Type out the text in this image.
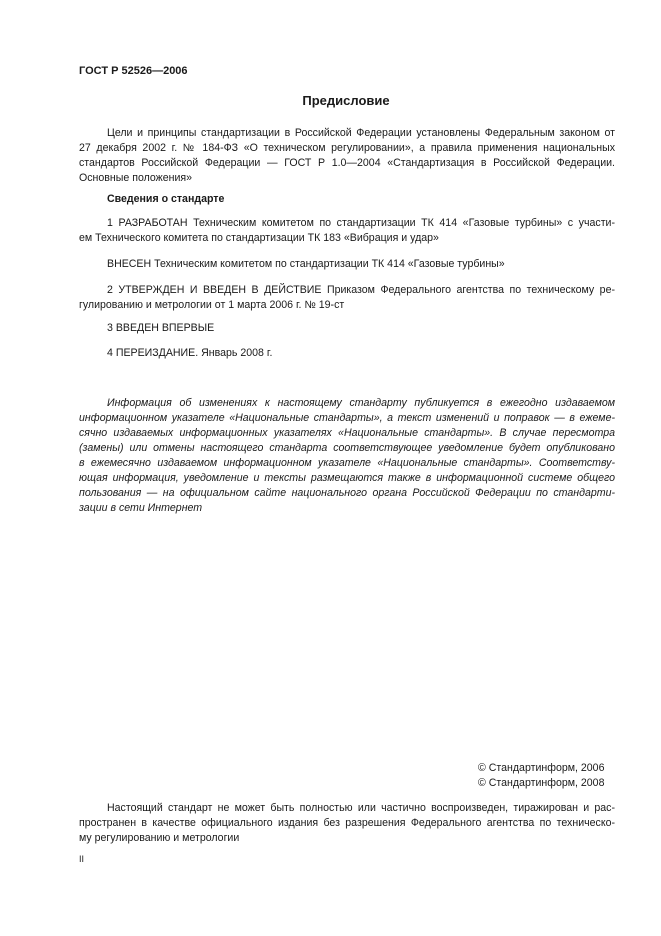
ГОСТ Р 52526—2006
Предисловие
Цели и принципы стандартизации в Российской Федерации установлены Федеральным законом от
27 декабря 2002 г. № 184-ФЗ «О техническом регулировании», а правила применения национальных
стандартов Российской Федерации — ГОСТ Р 1.0—2004 «Стандартизация в Российской Федерации.
Основные положения»
Сведения о стандарте
1 РАЗРАБОТАН Техническим комитетом по стандартизации ТК 414 «Газовые турбины» с участи-
ем Технического комитета по стандартизации ТК 183 «Вибрация и удар»
ВНЕСЕН Техническим комитетом по стандартизации ТК 414 «Газовые турбины»
2 УТВЕРЖДЕН И ВВЕДЕН В ДЕЙСТВИЕ Приказом Федерального агентства по техническому ре-
гулированию и метрологии от 1 марта 2006 г. № 19-ст
3 ВВЕДЕН ВПЕРВЫЕ
4 ПЕРЕИЗДАНИЕ. Январь 2008 г.
Информация об изменениях к настоящему стандарту публикуется в ежегодно издаваемом
информационном указателе «Национальные стандарты», а текст изменений и поправок — в ежеме-
сячно издаваемых информационных указателях «Национальные стандарты». В случае пересмотра
(замены) или отмены настоящего стандарта соответствующее уведомление будет опубликовано
в ежемесячно издаваемом информационном указателе «Национальные стандарты». Соответству-
ющая информация, уведомление и тексты размещаются также в информационной системе общего
пользования — на официальном сайте национального органа Российской Федерации по стандарти-
зации в сети Интернет
© Стандартинформ, 2006
© Стандартинформ, 2008
Настоящий стандарт не может быть полностью или частично воспроизведен, тиражирован и рас-
пространен в качестве официального издания без разрешения Федерального агентства по техническо-
му регулированию и метрологии
II
